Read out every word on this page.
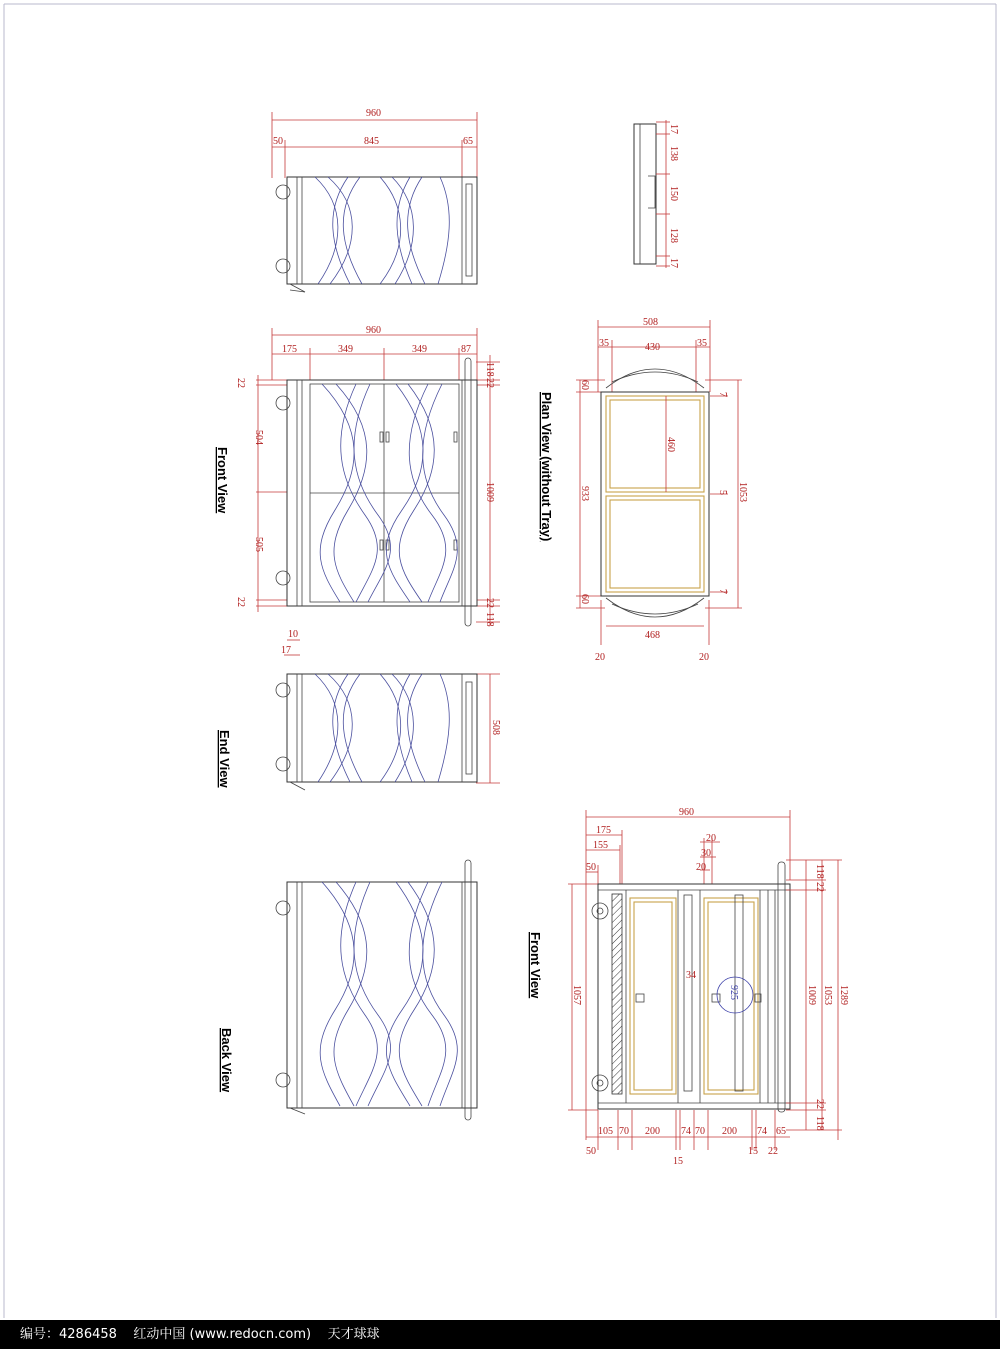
960
50	845	65
17
138
150
128
17
Front View
960
175	349	349	87
22
504
505
22
118
22
1009
22
118
Plan View (without Tray)
508
35	430	35
60
933
60
1053
7
5
7
460
468
20	20
End View
10
17
508
Back View
Front View
960
175
155
50
20
30
20
1057	925
34
1009 1053 1289
118
22
22
118
105 70 200 74 70 200 74 65
50
15
15 22
编号：4286458    红动中国 (www.redocn.com)    天才球球
